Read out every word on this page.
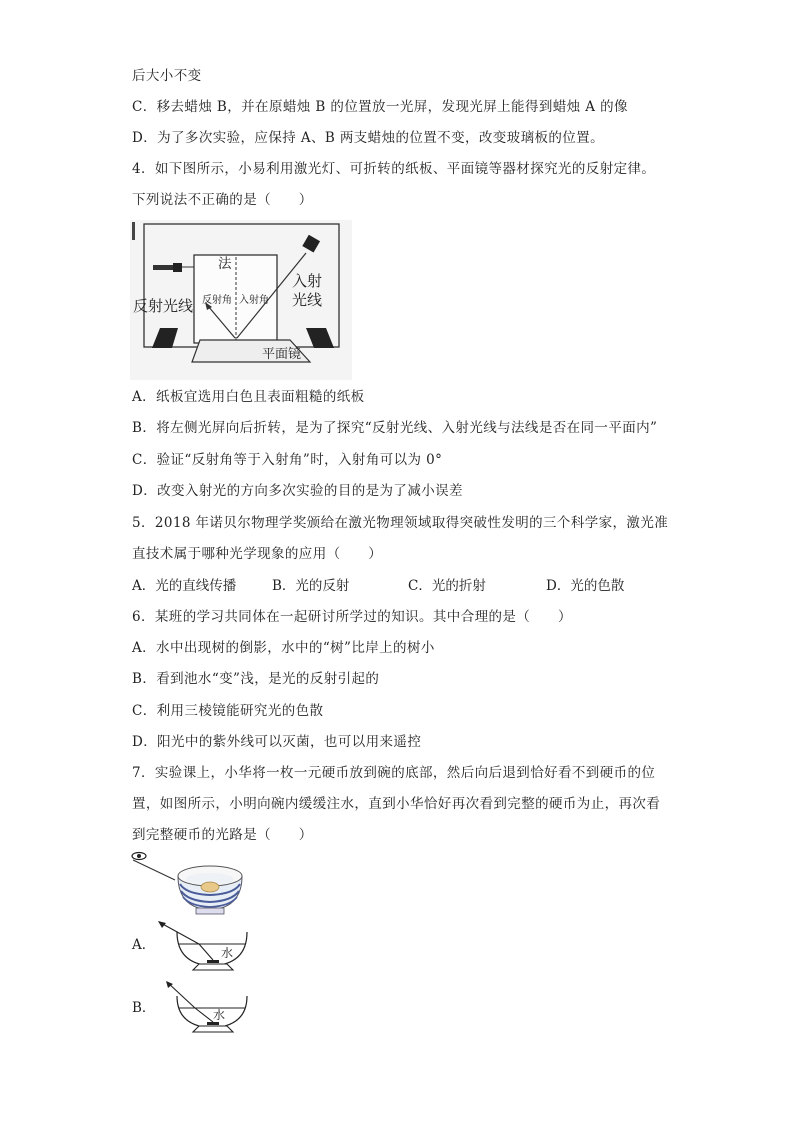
后大小不变
C．移去蜡烛 B，并在原蜡烛 B 的位置放一光屏，发现光屏上能得到蜡烛 A 的像
D．为了多次实验，应保持 A、B 两支蜡烛的位置不变，改变玻璃板的位置。
4．如下图所示，小易利用激光灯、可折转的纸板、平面镜等器材探究光的反射定律。
下列说法不正确的是（　　）
法
反射角 入射角
反射光线
入射光线
平面镜
A．纸板宜选用白色且表面粗糙的纸板
B．将左侧光屏向后折转，是为了探究“反射光线、入射光线与法线是否在同一平面内”
C．验证“反射角等于入射角”时，入射角可以为 0°
D．改变入射光的方向多次实验的目的是为了减小误差
5．2018 年诺贝尔物理学奖颁给在激光物理领域取得突破性发明的三个科学家，激光准
直技术属于哪种光学现象的应用（　　）
A．光的直线传播	B．光的反射	C．光的折射	D．光的色散
6．某班的学习共同体在一起研讨所学过的知识。其中合理的是（　　）
A．水中出现树的倒影，水中的“树”比岸上的树小
B．看到池水“变”浅，是光的反射引起的
C．利用三棱镜能研究光的色散
D．阳光中的紫外线可以灭菌，也可以用来遥控
7．实验课上，小华将一枚一元硬币放到碗的底部，然后向后退到恰好看不到硬币的位
置，如图所示，小明向碗内缓缓注水，直到小华恰好再次看到完整的硬币为止，再次看
到完整硬币的光路是（　　）
A．	水
B．	水
